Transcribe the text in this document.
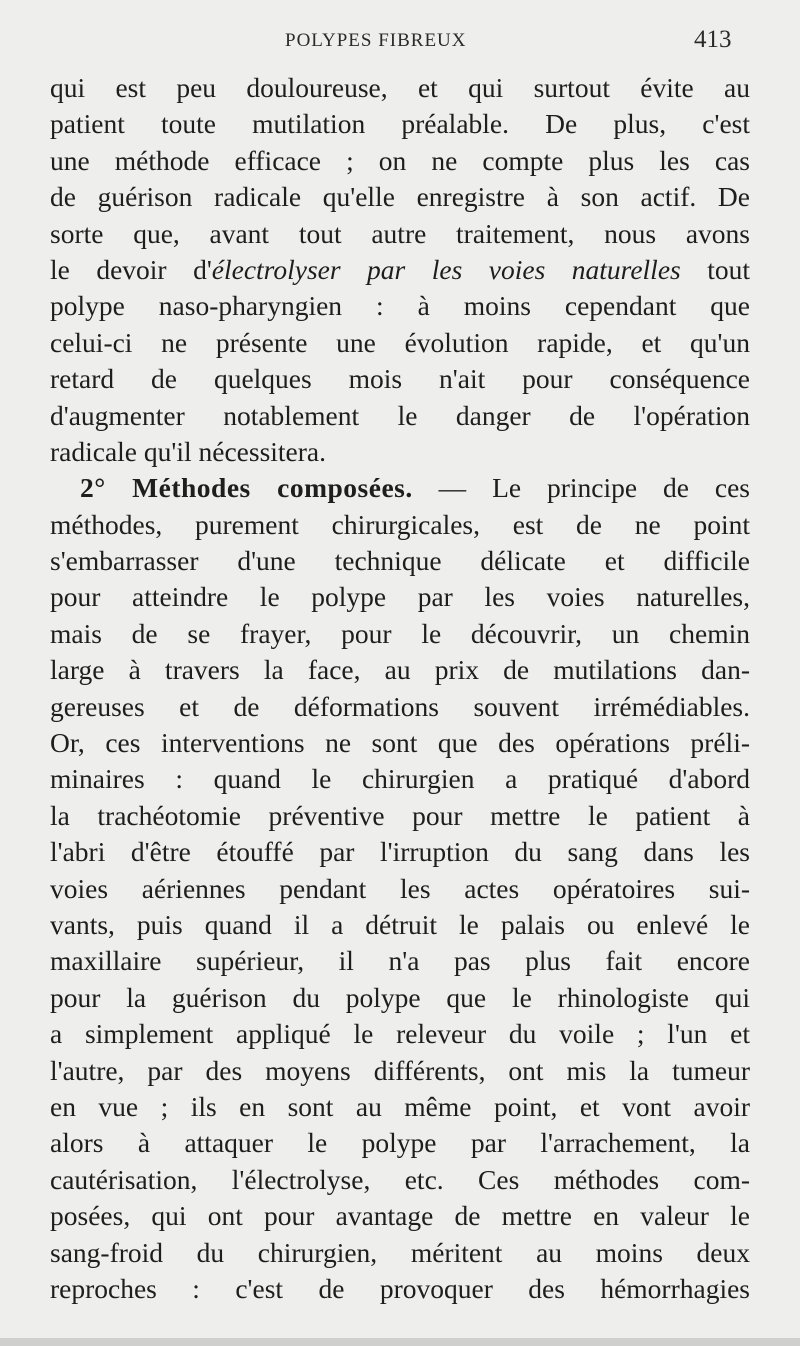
POLYPES FIBREUX	413
qui est peu douloureuse, et qui surtout évite au
patient toute mutilation préalable. De plus, c'est
une méthode efficace ; on ne compte plus les cas
de guérison radicale qu'elle enregistre à son actif. De
sorte que, avant tout autre traitement, nous avons
le devoir d'électrolyser par les voies naturelles tout
polype naso-pharyngien : à moins cependant que
celui-ci ne présente une évolution rapide, et qu'un
retard de quelques mois n'ait pour conséquence
d'augmenter notablement le danger de l'opération
radicale qu'il nécessitera.
2° Méthodes composées. — Le principe de ces
méthodes, purement chirurgicales, est de ne point
s'embarrasser d'une technique délicate et difficile
pour atteindre le polype par les voies naturelles,
mais de se frayer, pour le découvrir, un chemin
large à travers la face, au prix de mutilations dan-
gereuses et de déformations souvent irrémédiables.
Or, ces interventions ne sont que des opérations préli-
minaires : quand le chirurgien a pratiqué d'abord
la trachéotomie préventive pour mettre le patient à
l'abri d'être étouffé par l'irruption du sang dans les
voies aériennes pendant les actes opératoires sui-
vants, puis quand il a détruit le palais ou enlevé le
maxillaire supérieur, il n'a pas plus fait encore
pour la guérison du polype que le rhinologiste qui
a simplement appliqué le releveur du voile ; l'un et
l'autre, par des moyens différents, ont mis la tumeur
en vue ; ils en sont au même point, et vont avoir
alors à attaquer le polype par l'arrachement, la
cautérisation, l'électrolyse, etc. Ces méthodes com-
posées, qui ont pour avantage de mettre en valeur le
sang-froid du chirurgien, méritent au moins deux
reproches : c'est de provoquer des hémorrhagies
